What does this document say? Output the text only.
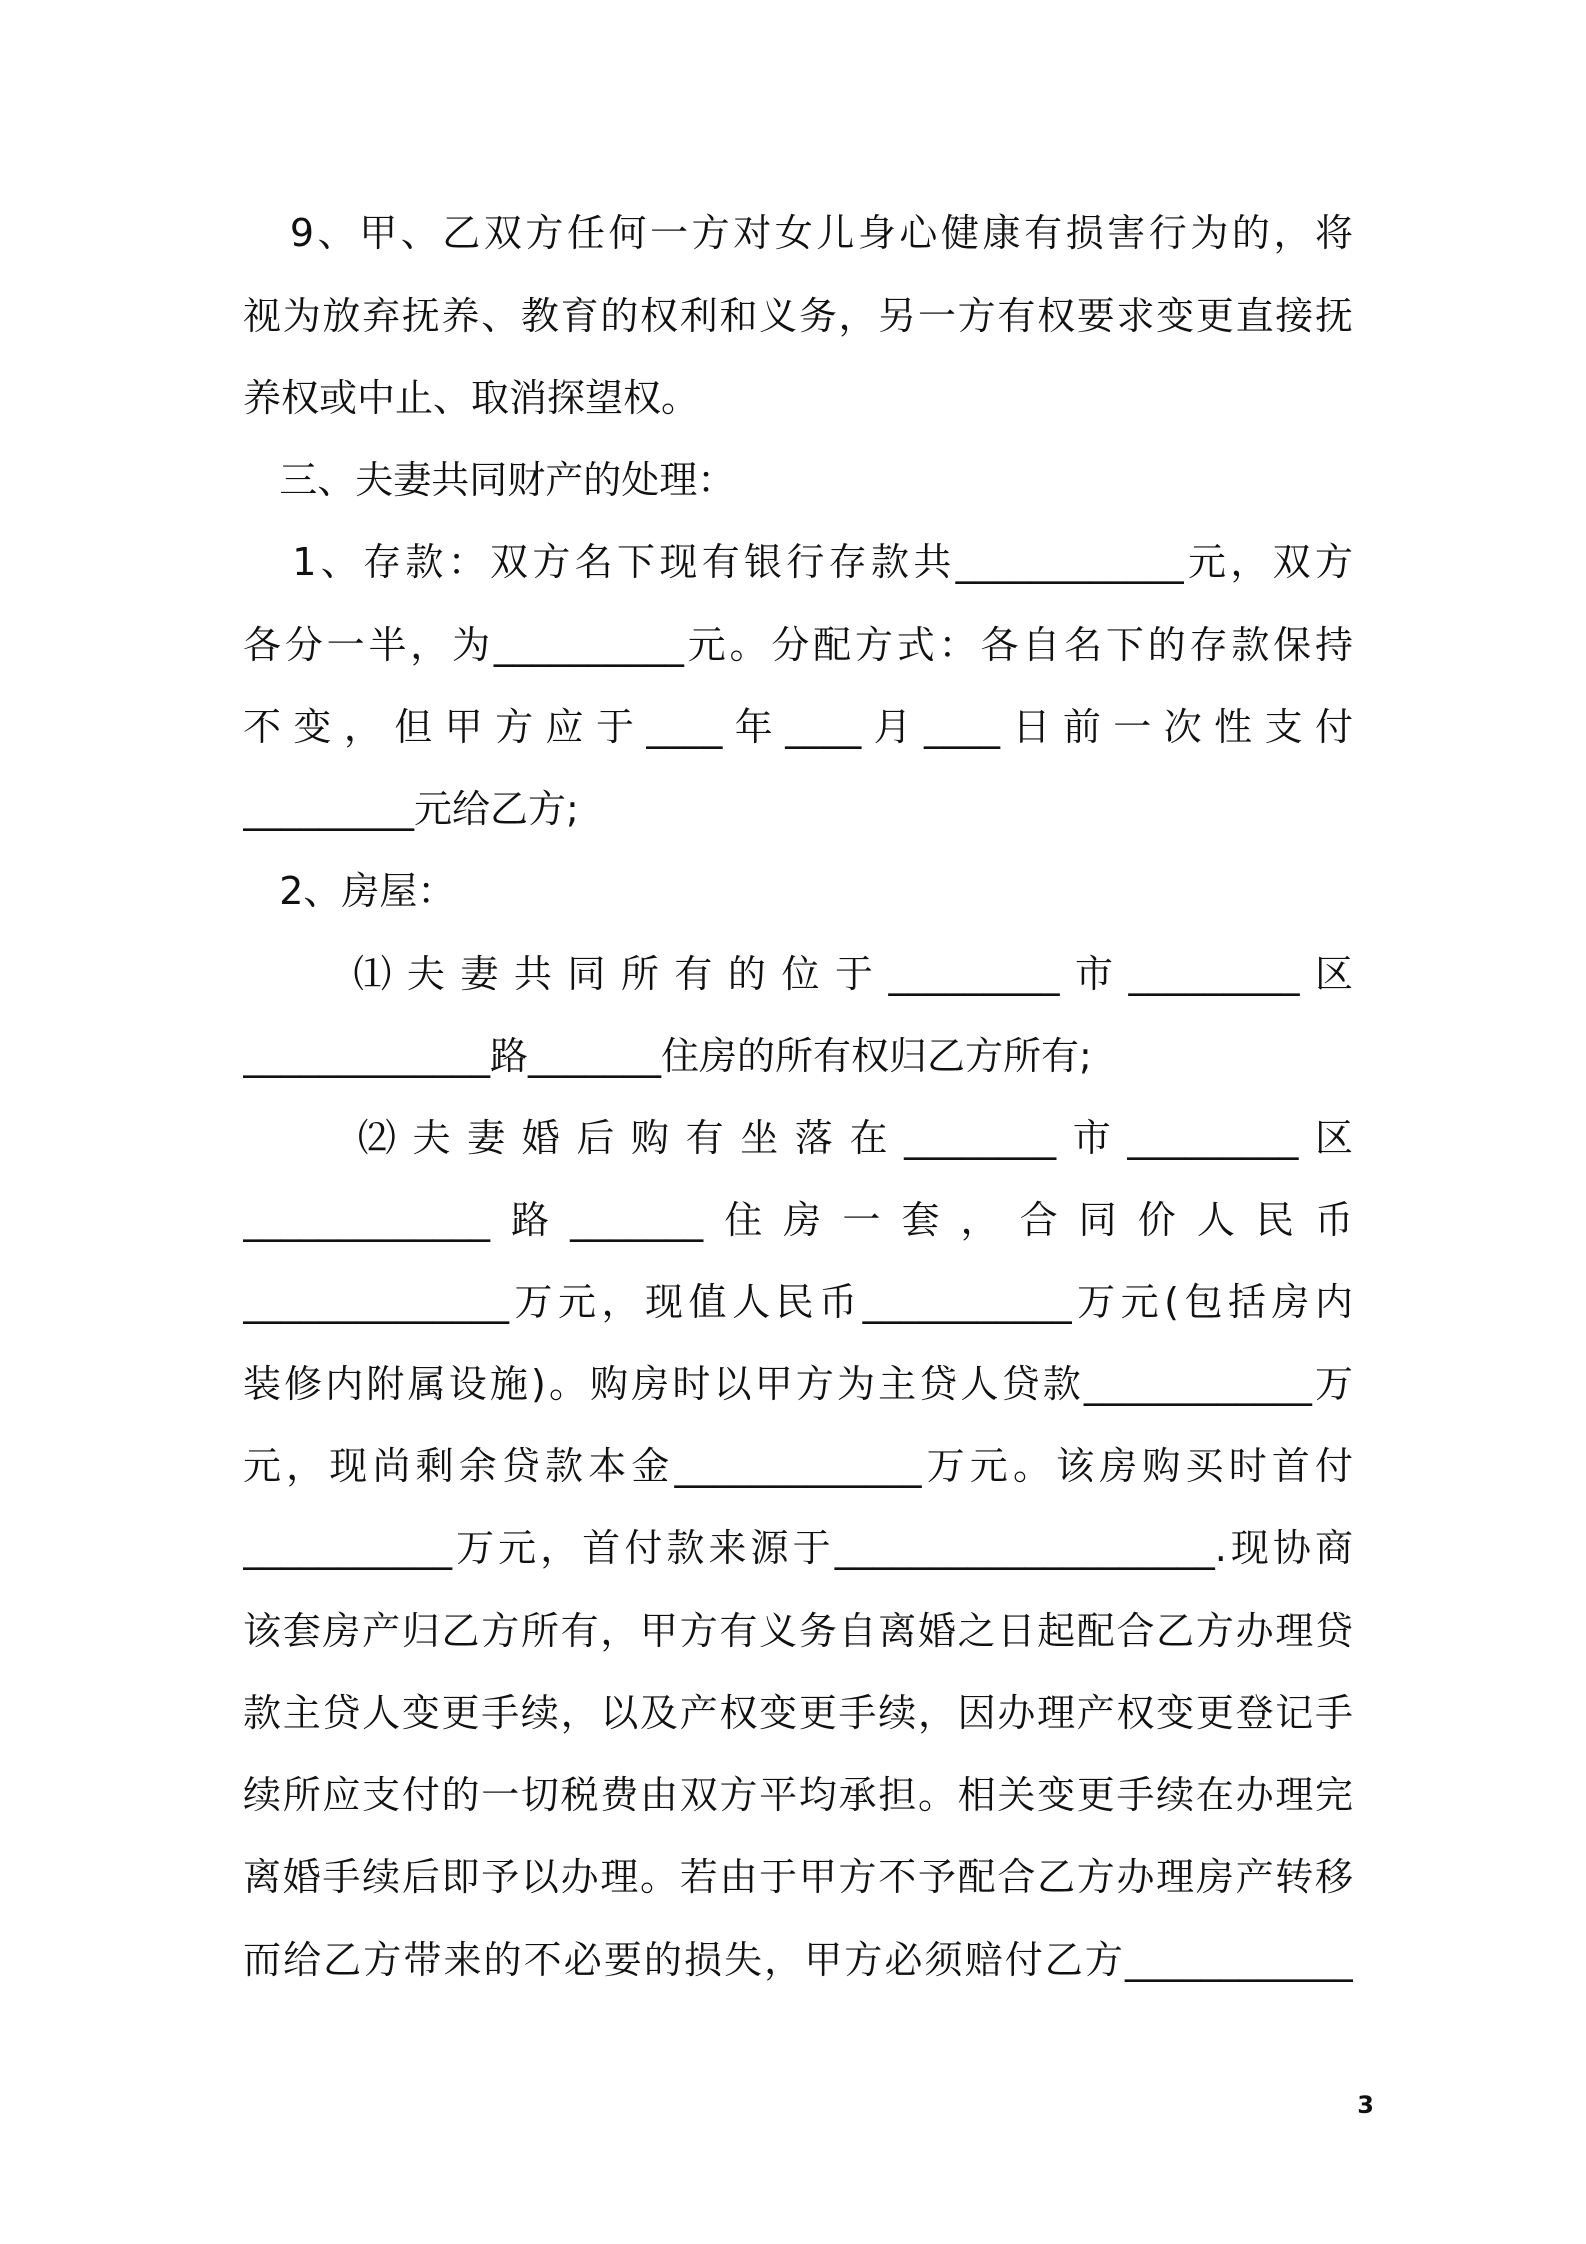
9、甲、乙双方任何一方对女儿身心健康有损害行为的，将
视为放弃抚养、教育的权利和义务，另一方有权要求变更直接抚
养权或中止、取消探望权。
三、夫妻共同财产的处理：
1、存款：双方名下现有银行存款共____________元，双方
各分一半，为__________元。分配方式：各自名下的存款保持
不变，但甲方应于____年____月____日前一次性支付
_________元给乙方;
2、房屋：
⑴夫妻共同所有的位于_________市_________区
_____________路_______住房的所有权归乙方所有;
⑵夫妻婚后购有坐落在________市_________区
_____________路_______住房一套，合同价人民币
______________万元，现值人民币___________万元(包括房内
装修内附属设施)。购房时以甲方为主贷人贷款____________万
元，现尚剩余贷款本金_____________万元。该房购买时首付
___________万元，首付款来源于____________________.现协商
该套房产归乙方所有，甲方有义务自离婚之日起配合乙方办理贷
款主贷人变更手续，以及产权变更手续，因办理产权变更登记手
续所应支付的一切税费由双方平均承担。相关变更手续在办理完
离婚手续后即予以办理。若由于甲方不予配合乙方办理房产转移
而给乙方带来的不必要的损失，甲方必须赔付乙方____________
3
